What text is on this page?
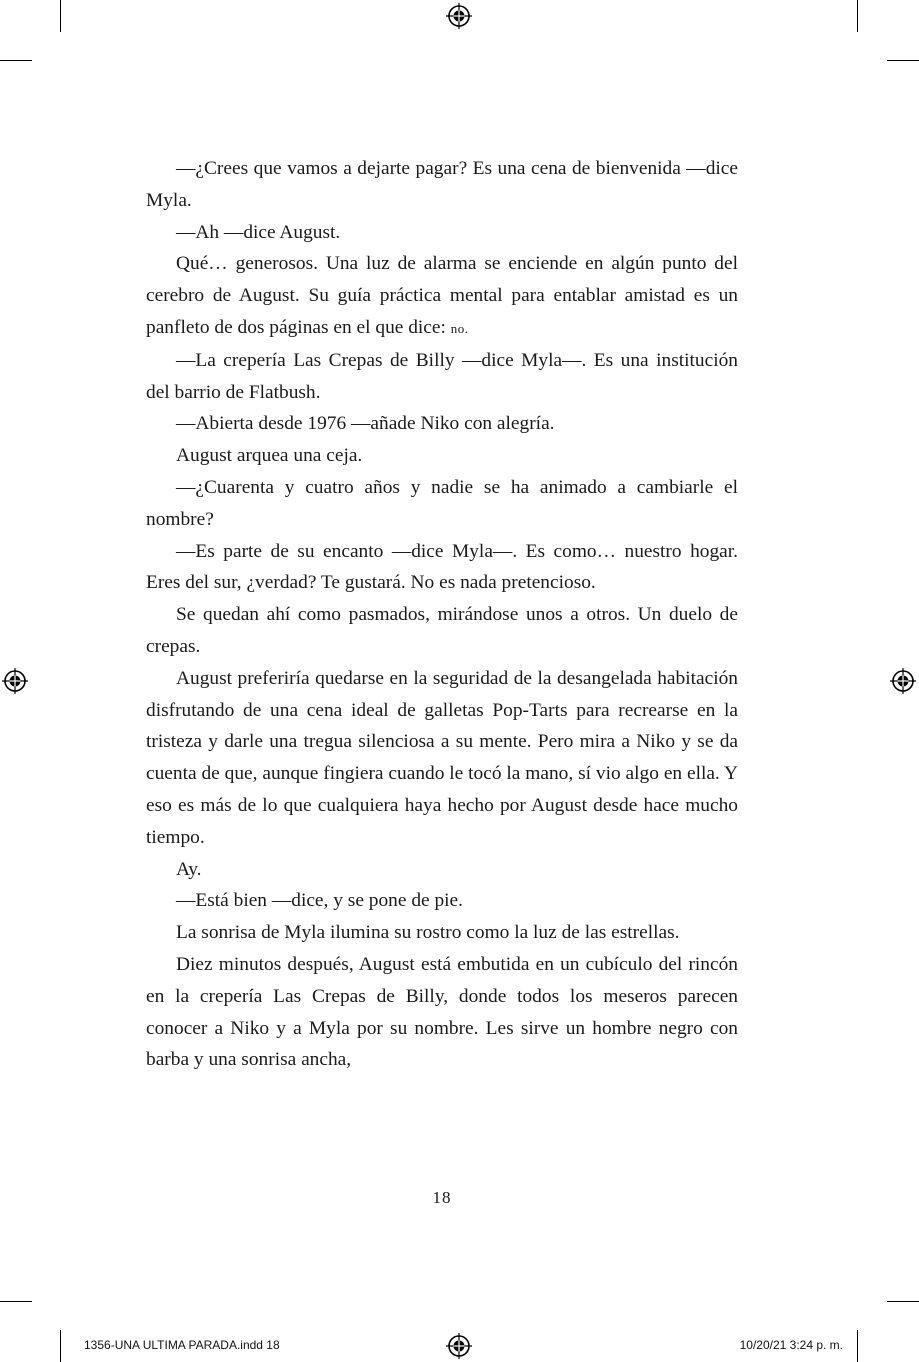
—¿Crees que vamos a dejarte pagar? Es una cena de bienvenida —dice Myla.

—Ah —dice August.

Qué… generosos. Una luz de alarma se enciende en algún punto del cerebro de August. Su guía práctica mental para entablar amistad es un panfleto de dos páginas en el que dice: no.

—La crepería Las Crepas de Billy —dice Myla—. Es una institución del barrio de Flatbush.

—Abierta desde 1976 —añade Niko con alegría.

August arquea una ceja.

—¿Cuarenta y cuatro años y nadie se ha animado a cambiarle el nombre?

—Es parte de su encanto —dice Myla—. Es como… nuestro hogar. Eres del sur, ¿verdad? Te gustará. No es nada pretencioso.

Se quedan ahí como pasmados, mirándose unos a otros. Un duelo de crepas.

August preferiría quedarse en la seguridad de la desangelada habitación disfrutando de una cena ideal de galletas Pop-Tarts para recrearse en la tristeza y darle una tregua silenciosa a su mente. Pero mira a Niko y se da cuenta de que, aunque fingiera cuando le tocó la mano, sí vio algo en ella. Y eso es más de lo que cualquiera haya hecho por August desde hace mucho tiempo.

Ay.

—Está bien —dice, y se pone de pie.

La sonrisa de Myla ilumina su rostro como la luz de las estrellas.

Diez minutos después, August está embutida en un cubículo del rincón en la crepería Las Crepas de Billy, donde todos los meseros parecen conocer a Niko y a Myla por su nombre. Les sirve un hombre negro con barba y una sonrisa ancha,

18
1356-UNA ULTIMA PARADA.indd 18	10/20/21 3:24 p. m.
